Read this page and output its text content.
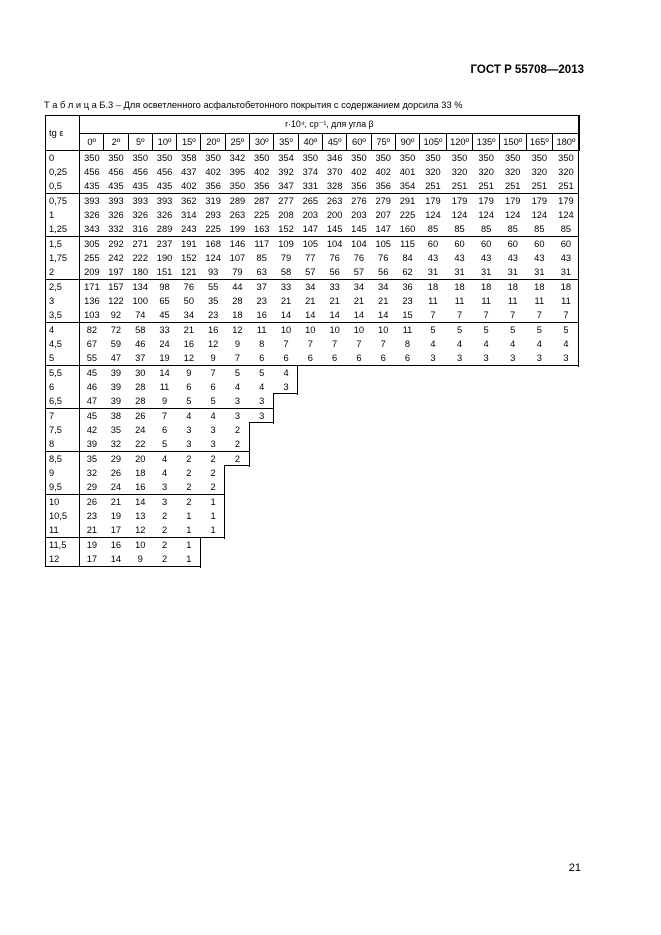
ГОСТ Р 55708—2013
Т а б л и ц а Б.3 – Для осветленного асфальтобетонного покрытия с содержанием дорсила 33 %
tg ε	r·10⁴, ср⁻¹, для угла β																			
	0º	2º	5º	10º	15º	20º	25º	30º	35º	40º	45º	60º	75º	90º	105º	120º	135º	150º	165º	180º
0	350	350	350	350	358	350	342	350	354	350	346	350	350	350	350	350	350	350	350	350
0,25	456	456	456	456	437	402	395	402	392	374	370	402	402	401	320	320	320	320	320	320
0,5	435	435	435	435	402	356	350	356	347	331	328	356	356	354	251	251	251	251	251	251
0,75	393	393	393	393	362	319	289	287	277	265	263	276	279	291	179	179	179	179	179	179
1	326	326	326	326	314	293	263	225	208	203	200	203	207	225	124	124	124	124	124	124
1,25	343	332	316	289	243	225	199	163	152	147	145	145	147	160	85	85	85	85	85	85
1,5	305	292	271	237	191	168	146	117	109	105	104	104	105	115	60	60	60	60	60	60
1,75	255	242	222	190	152	124	107	85	79	77	76	76	76	84	43	43	43	43	43	43
2	209	197	180	151	121	93	79	63	58	57	56	57	56	62	31	31	31	31	31	31
2,5	171	157	134	98	76	55	44	37	33	34	33	34	34	36	18	18	18	18	18	18
3	136	122	100	65	50	35	28	23	21	21	21	21	21	23	11	11	11	11	11	11
3,5	103	92	74	45	34	23	18	16	14	14	14	14	14	15	7	7	7	7	7	7
4	82	72	58	33	21	16	12	11	10	10	10	10	10	11	5	5	5	5	5	5
4,5	67	59	46	24	16	12	9	8	7	7	7	7	7	8	4	4	4	4	4	4
5	55	47	37	19	12	9	7	6	6	6	6	6	6	6	3	3	3	3	3	3
5,5	45	39	30	14	9	7	5	5	4											
6	46	39	28	11	6	6	4	4	3											
6,5	47	39	28	9	5	5	3	3												
7	45	38	26	7	4	4	3	3												
7,5	42	35	24	6	3	3	2													
8	39	32	22	5	3	3	2													
8,5	35	29	20	4	2	2	2													
9	32	26	18	4	2	2														
9,5	29	24	16	3	2	2														
10	26	21	14	3	2	1														
10,5	23	19	13	2	1	1														
11	21	17	12	2	1	1														
11,5	19	16	10	2	1															
12	17	14	9	2	1															
21
